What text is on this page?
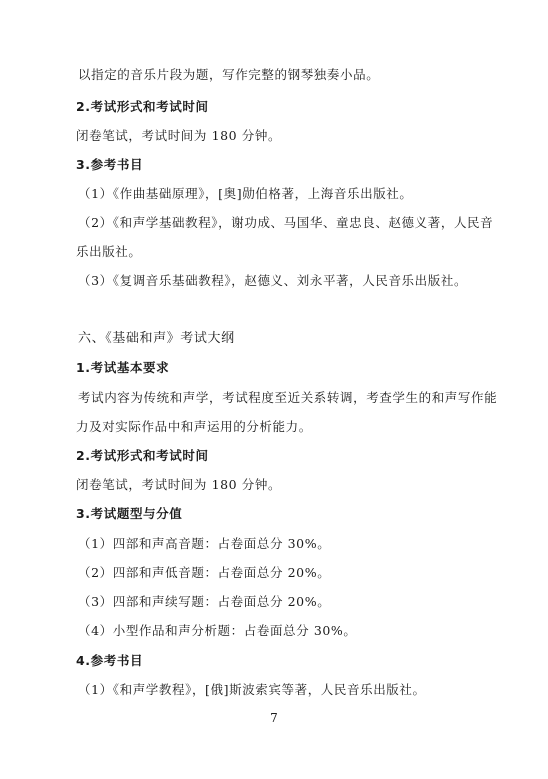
以指定的音乐片段为题，写作完整的钢琴独奏小品。
2.考试形式和考试时间
闭卷笔试，考试时间为 180 分钟。
3.参考书目
（1）《作曲基础原理》，[奥]勋伯格著，上海音乐出版社。
（2）《和声学基础教程》，谢功成、马国华、童忠良、赵德义著，人民音
乐出版社。
（3）《复调音乐基础教程》，赵德义、刘永平著，人民音乐出版社。
六、《基础和声》考试大纲
1.考试基本要求
考试内容为传统和声学，考试程度至近关系转调，考查学生的和声写作能
力及对实际作品中和声运用的分析能力。
2.考试形式和考试时间
闭卷笔试，考试时间为 180 分钟。
3.考试题型与分值
（1）四部和声高音题：占卷面总分 30%。
（2）四部和声低音题：占卷面总分 20%。
（3）四部和声续写题：占卷面总分 20%。
（4）小型作品和声分析题：占卷面总分 30%。
4.参考书目
（1）《和声学教程》，[俄]斯波索宾等著，人民音乐出版社。
7
